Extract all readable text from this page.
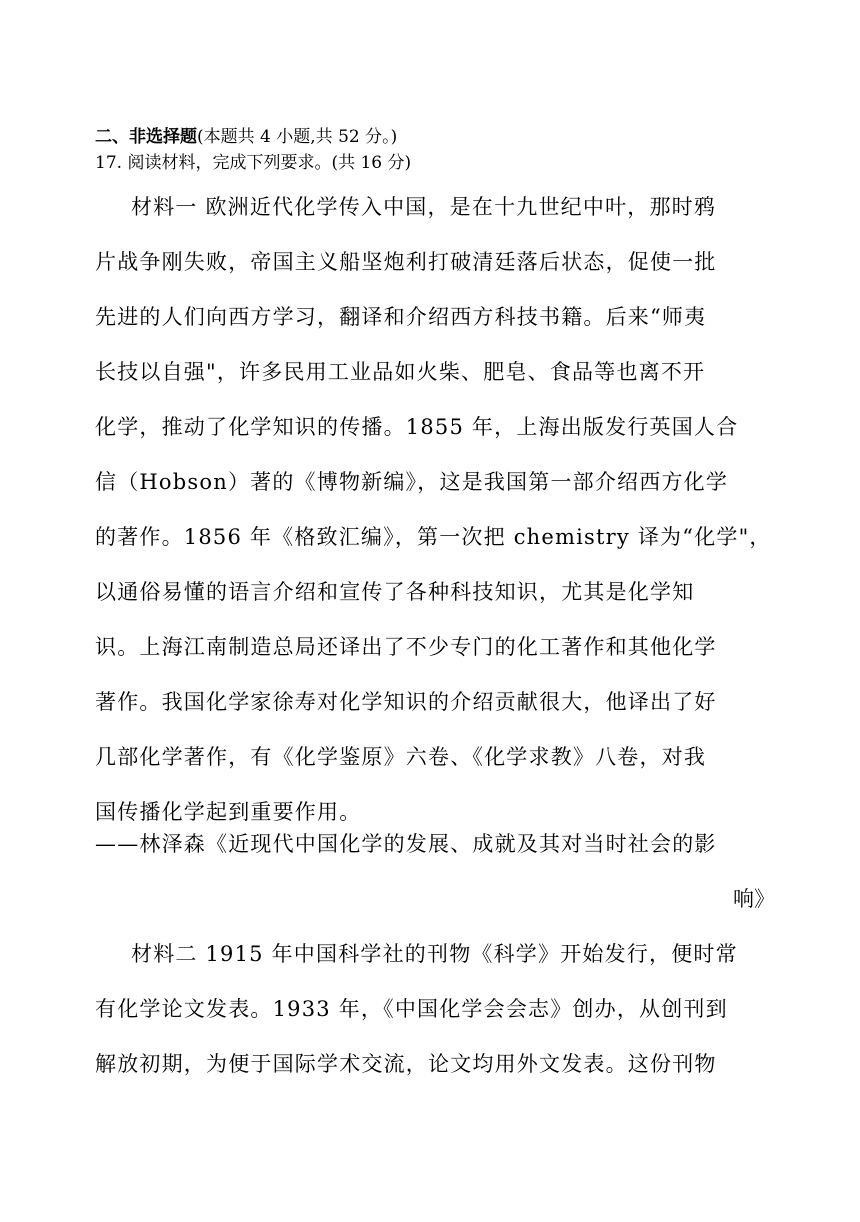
二、非选择题(本题共 4 小题,共 52 分。)
17. 阅读材料，完成下列要求。(共 16 分)
材料一 欧洲近代化学传入中国，是在十九世纪中叶，那时鸦
片战争刚失败，帝国主义船坚炮利打破清廷落后状态，促使一批
先进的人们向西方学习，翻译和介绍西方科技书籍。后来“师夷
长技以自强"，许多民用工业品如火柴、肥皂、食品等也离不开
化学，推动了化学知识的传播。1855 年，上海出版发行英国人合
信（Hobson）著的《博物新编》，这是我国第一部介绍西方化学
的著作。1856 年《格致汇编》，第一次把 chemistry 译为“化学"，
以通俗易懂的语言介绍和宣传了各种科技知识，尤其是化学知
识。上海江南制造总局还译出了不少专门的化工著作和其他化学
著作。我国化学家徐寿对化学知识的介绍贡献很大，他译出了好
几部化学著作，有《化学鉴原》六卷、《化学求教》八卷，对我
国传播化学起到重要作用。
——林泽森《近现代中国化学的发展、成就及其对当时社会的影
响》
材料二 1915 年中国科学社的刊物《科学》开始发行，便时常
有化学论文发表。1933 年，《中国化学会会志》创办，从创刊到
解放初期，为便于国际学术交流，论文均用外文发表。这份刊物
